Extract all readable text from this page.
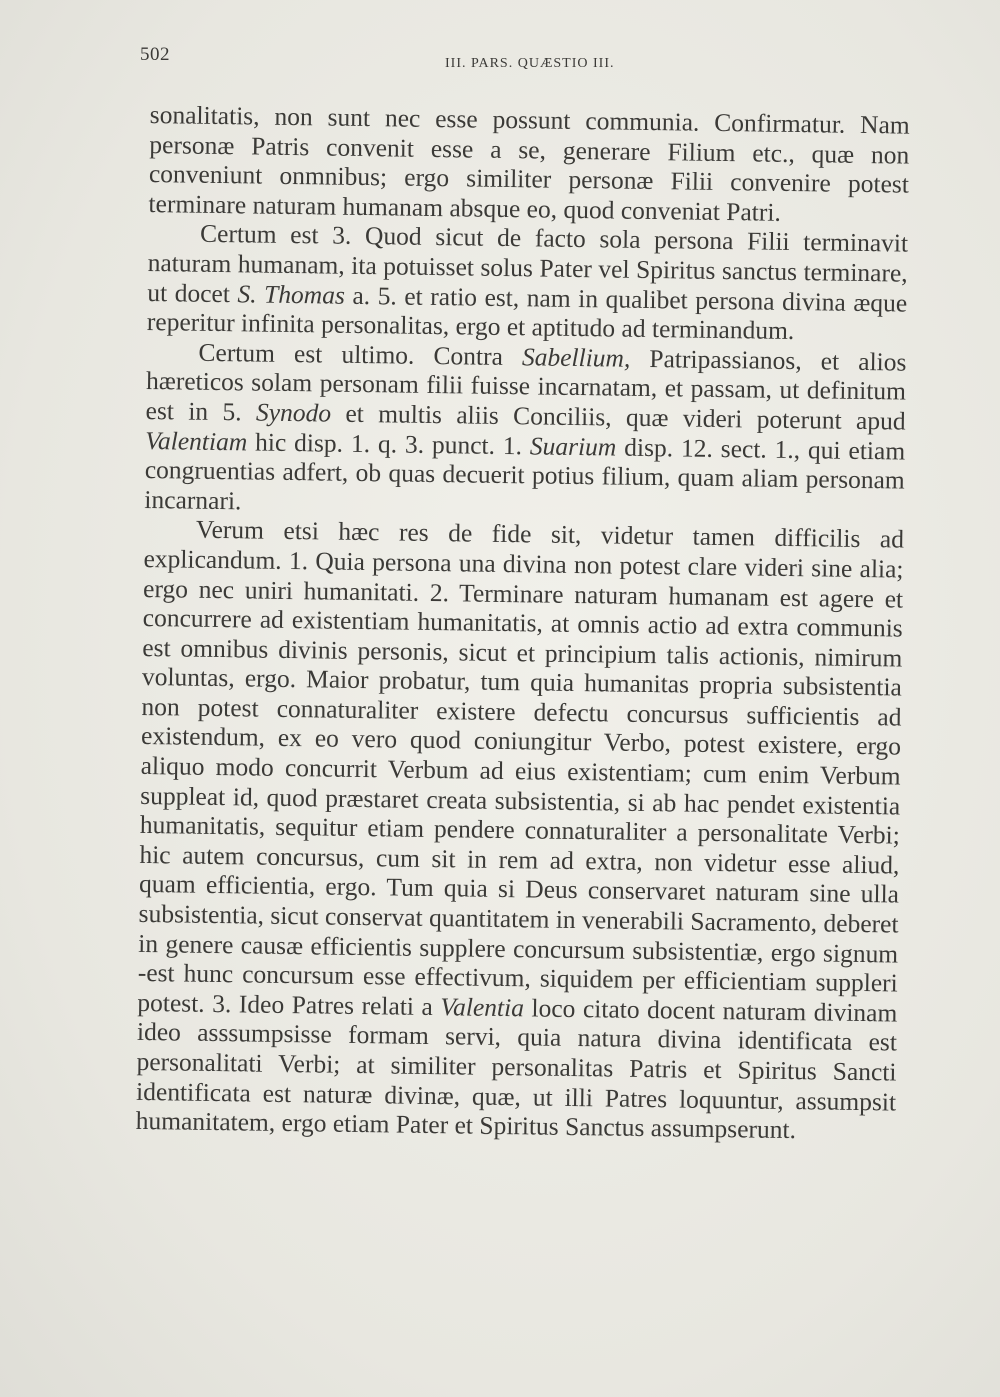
502	III. PARS. QUÆSTIO III.

sonalitatis, non sunt nec esse possunt communia. Confirmatur. Nam personæ Patris convenit esse a se, generare Filium etc., quæ non conveniunt onmnibus; ergo similiter personæ Filii convenire potest terminare naturam humanam absque eo, quod conveniat Patri.

Certum est 3. Quod sicut de facto sola persona Filii terminavit naturam humanam, ita potuisset solus Pater vel Spiritus sanctus terminare, ut docet S. Thomas a. 5. et ratio est, nam in qualibet persona divina æque reperitur infinita personalitas, ergo et aptitudo ad terminandum.

Certum est ultimo. Contra Sabellium, Patripassianos, et alios hæreticos solam personam filii fuisse incarnatam, et passam, ut definitum est in 5. Synodo et multis aliis Conciliis, quæ videri poterunt apud Valentiam hic disp. 1. q. 3. punct. 1. Suarium disp. 12. sect. 1., qui etiam congruentias adfert, ob quas decuerit potius filium, quam aliam personam incarnari.

Verum etsi hæc res de fide sit, videtur tamen difficilis ad explicandum. 1. Quia persona una divina non potest clare videri sine alia; ergo nec uniri humanitati. 2. Terminare naturam humanam est agere et concurrere ad existentiam humanitatis, at omnis actio ad extra communis est omnibus divinis personis, sicut et principium talis actionis, nimirum voluntas, ergo. Maior probatur, tum quia humanitas propria subsistentia non potest connaturaliter existere defectu concursus sufficientis ad existendum, ex eo vero quod coniungitur Verbo, potest existere, ergo aliquo modo concurrit Verbum ad eius existentiam; cum enim Verbum suppleat id, quod præstaret creata subsistentia, si ab hac pendet existentia humanitatis, sequitur etiam pendere connaturaliter a personalitate Verbi; hic autem concursus, cum sit in rem ad extra, non videtur esse aliud, quam efficientia, ergo. Tum quia si Deus conservaret naturam sine ulla subsistentia, sicut conservat quantitatem in venerabili Sacramento, deberet in genere causæ efficientis supplere concursum subsistentiæ, ergo signum ‑est hunc concursum esse effectivum, siquidem per efficientiam suppleri potest. 3. Ideo Patres relati a Valentia loco citato docent naturam divinam ideo asssumpsisse formam servi, quia natura divina identificata est personalitati Verbi; at similiter personalitas Patris et Spiritus Sancti identificata est naturæ divinæ, quæ, ut illi Patres loquuntur, assumpsit humanitatem, ergo etiam Pater et Spiritus Sanctus assumpserunt.
